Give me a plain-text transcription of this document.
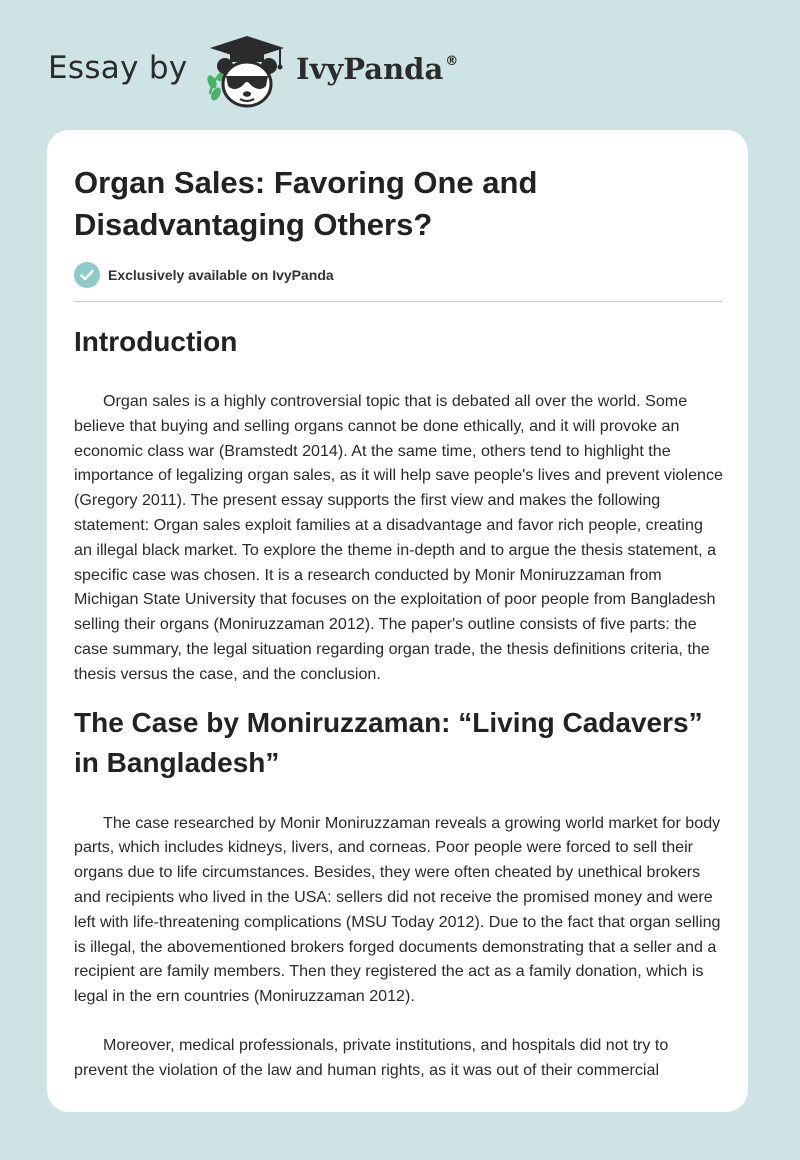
Essay by	IvyPanda ®
Organ Sales: Favoring One and Disadvantaging Others?
Exclusively available on IvyPanda
Introduction

Organ sales is a highly controversial topic that is debated all over the world. Some believe that buying and selling organs cannot be done ethically, and it will provoke an economic class war (Bramstedt 2014). At the same time, others tend to highlight the importance of legalizing organ sales, as it will help save people's lives and prevent violence (Gregory 2011). The present essay supports the first view and makes the following statement: Organ sales exploit families at a disadvantage and favor rich people, creating an illegal black market. To explore the theme in-depth and to argue the thesis statement, a specific case was chosen. It is a research conducted by Monir Moniruzzaman from Michigan State University that focuses on the exploitation of poor people from Bangladesh selling their organs (Moniruzzaman 2012). The paper's outline consists of five parts: the case summary, the legal situation regarding organ trade, the thesis definitions criteria, the thesis versus the case, and the conclusion.

The Case by Moniruzzaman: “Living Cadavers” in Bangladesh”

The case researched by Monir Moniruzzaman reveals a growing world market for body parts, which includes kidneys, livers, and corneas. Poor people were forced to sell their organs due to life circumstances. Besides, they were often cheated by unethical brokers and recipients who lived in the USA: sellers did not receive the promised money and were left with life-threatening complications (MSU Today 2012). Due to the fact that organ selling is illegal, the abovementioned brokers forged documents demonstrating that a seller and a recipient are family members. Then they registered the act as a family donation, which is legal in the ern countries (Moniruzzaman 2012).

Moreover, medical professionals, private institutions, and hospitals did not try to prevent the violation of the law and human rights, as it was out of their commercial
